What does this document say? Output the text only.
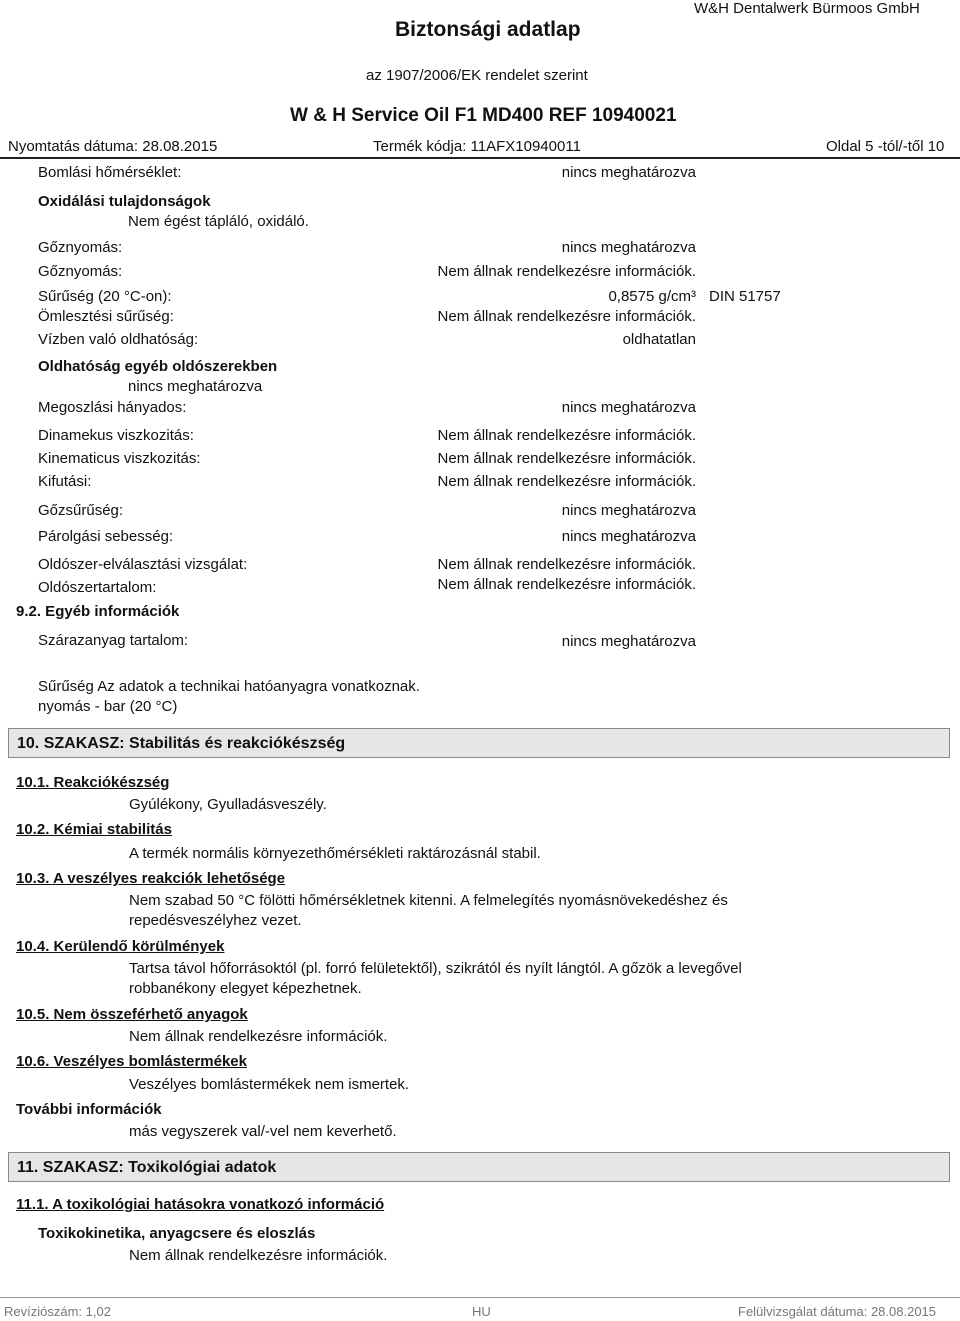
Biztonsági adatlap
W&H Dentalwerk Bürmoos GmbH
az 1907/2006/EK rendelet szerint
W & H Service Oil F1 MD400 REF 10940021
Nyomtatás dátuma: 28.08.2015	Termék kódja: 11AFX10940011	Oldal 5 -tól/-től 10
Bomlási hőmérséklet:	nincs meghatározva
Oxidálási tulajdonságok
Nem égést tápláló, oxidáló.
Gőznyomás:	nincs meghatározva
Gőznyomás:	Nem állnak rendelkezésre információk.
Sűrűség (20 °C-on):	0,8575 g/cm³ DIN 51757
Ömlesztési sűrűség:	Nem állnak rendelkezésre információk.
Vízben való oldhatóság:	oldhatatlan
Oldhatóság egyéb oldószerekben
nincs meghatározva
Megoszlási hányados:	nincs meghatározva
Dinamekus viszkozitás:	Nem állnak rendelkezésre információk.
Kinematicus viszkozitás:	Nem állnak rendelkezésre információk.
Kifutási:	Nem állnak rendelkezésre információk.
Gőzsűrűség:	nincs meghatározva
Párolgási sebesség:	nincs meghatározva
Oldószer-elválasztási vizsgálat:	Nem állnak rendelkezésre információk.
Oldószertartalom:	Nem állnak rendelkezésre információk.
9.2. Egyéb információk
Szárazanyag tartalom:	nincs meghatározva
Sűrűség Az adatok a technikai hatóanyagra vonatkoznak.
nyomás - bar (20 °C)
10. SZAKASZ: Stabilitás és reakciókészség
10.1. Reakciókészség
Gyúlékony, Gyulladásveszély.
10.2. Kémiai stabilitás
A termék normális környezethőmérsékleti raktározásnál stabil.
10.3. A veszélyes reakciók lehetősége
Nem szabad 50 °C fölötti hőmérsékletnek kitenni. A felmelegítés nyomásnövekedéshez és repedésveszélyhez vezet.
10.4. Kerülendő körülmények
Tartsa távol hőforrásoktól (pl. forró felületektől), szikrától és nyílt lángtól. A gőzök a levegővel robbanékony elegyet képezhetnek.
10.5. Nem összeférhető anyagok
Nem állnak rendelkezésre információk.
10.6. Veszélyes bomlástermékek
Veszélyes bomlástermékek nem ismertek.
További információk
más vegyszerek val/-vel nem keverhető.
11. SZAKASZ: Toxikológiai adatok
11.1. A toxikológiai hatásokra vonatkozó információ
Toxikokinetika, anyagcsere és eloszlás
Nem állnak rendelkezésre információk.
Revíziószám: 1,02	HU	Felülvizsgálat dátuma: 28.08.2015
